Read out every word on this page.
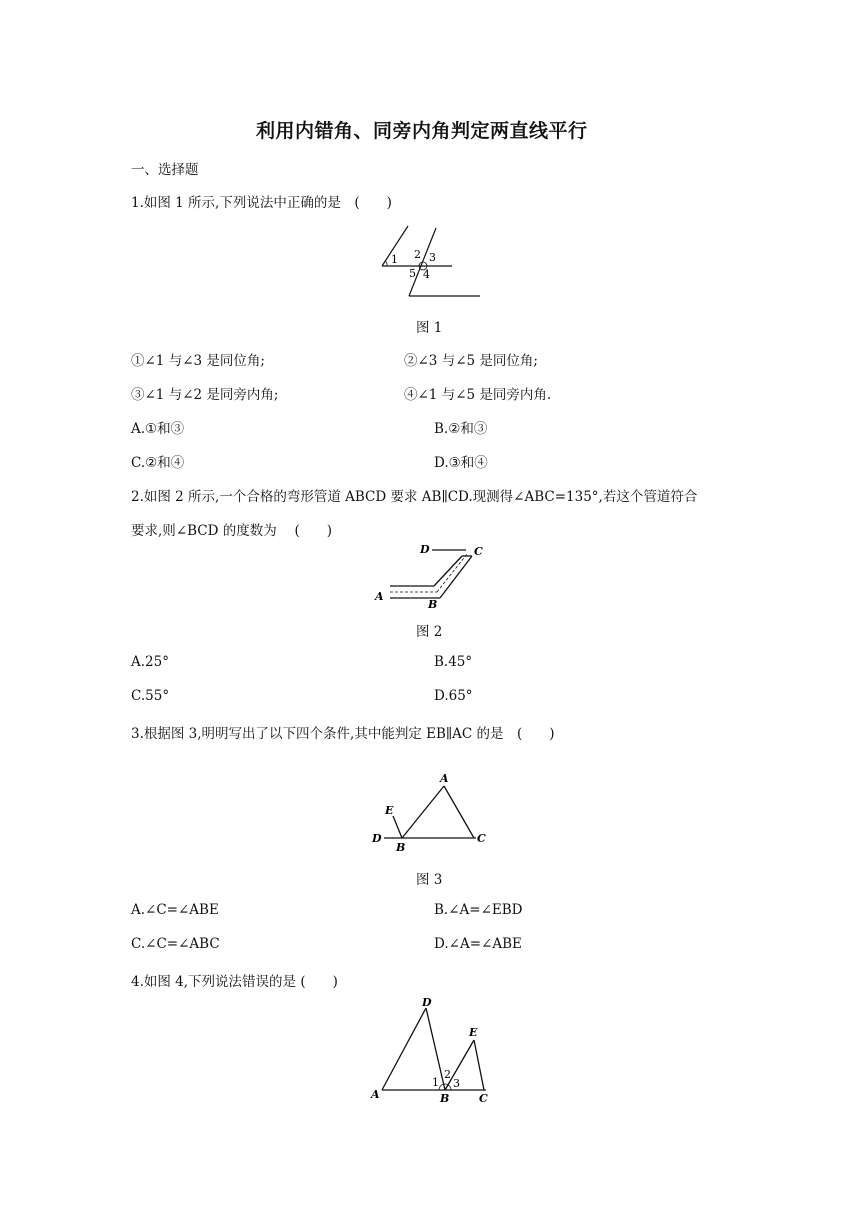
利用内错角、同旁内角判定两直线平行
一、选择题
1.如图 1 所示,下列说法中正确的是　(　　)
1 2 3
5 4
图 1
①∠1 与∠3 是同位角;	②∠3 与∠5 是同位角;
③∠1 与∠2 是同旁内角;	④∠1 与∠5 是同旁内角.
A.①和③	B.②和③
C.②和④	D.③和④
2.如图 2 所示,一个合格的弯形管道 ABCD 要求 AB∥CD.现测得∠ABC=135°,若这个管道符合
要求,则∠BCD 的度数为　 (　　)
D	C
A
B
图 2
A.25°	B.45°
C.55°	D.65°
3.根据图 3,明明写出了以下四个条件,其中能判定 EB∥AC 的是　(　　)
A
E
D
B
C
图 3
A.∠C=∠ABE	B.∠A=∠EBD
C.∠C=∠ABC	D.∠A=∠ABE
4.如图 4,下列说法错误的是 (　　)
D
E
1
2
3
A	B	C
